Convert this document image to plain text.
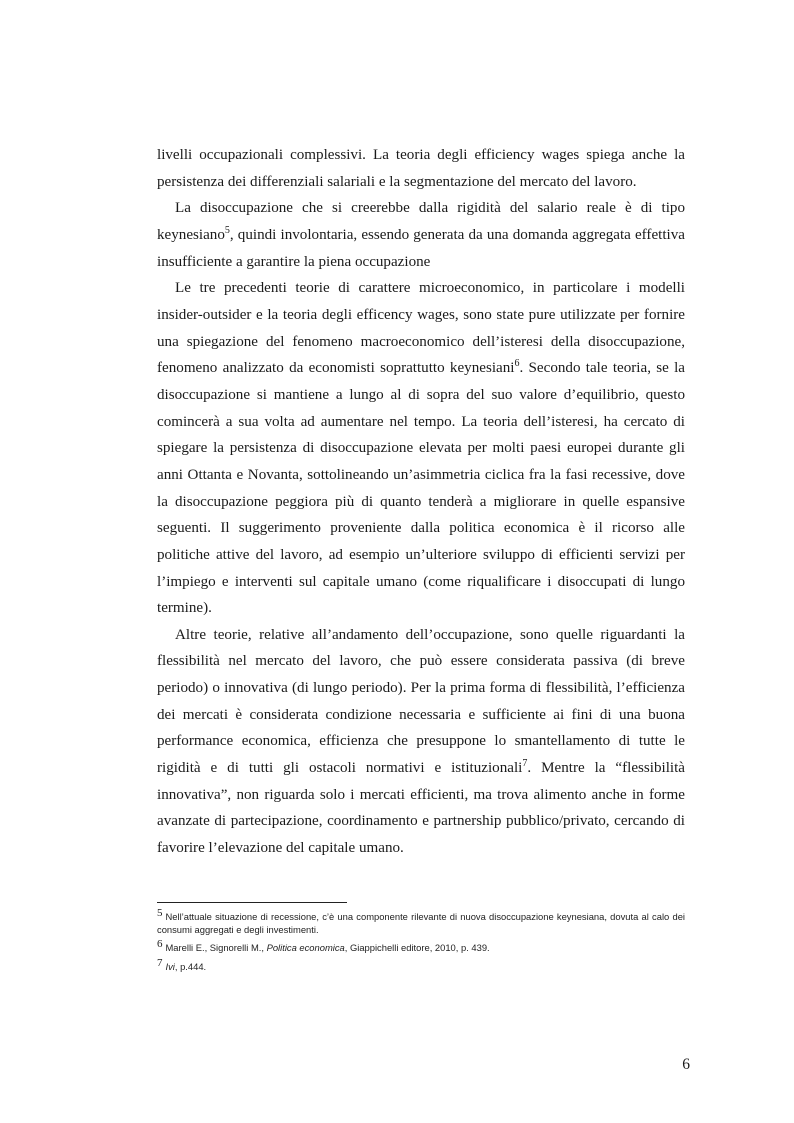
livelli occupazionali complessivi. La teoria degli efficiency wages spiega anche la persistenza dei differenziali salariali e la segmentazione del mercato del lavoro.

La disoccupazione che si creerebbe dalla rigidità del salario reale è di tipo keynesiano$^5$, quindi involontaria, essendo generata da una domanda aggregata effettiva insufficiente a garantire la piena occupazione

Le tre precedenti teorie di carattere microeconomico, in particolare i modelli insider-outsider e la teoria degli efficency wages, sono state pure utilizzate per fornire una spiegazione del fenomeno macroeconomico dell’isteresi della disoccupazione, fenomeno analizzato da economisti soprattutto keynesiani$^6$. Secondo tale teoria, se la disoccupazione si mantiene a lungo al di sopra del suo valore d’equilibrio, questo comincerà a sua volta ad aumentare nel tempo. La teoria dell’isteresi, ha cercato di spiegare la persistenza di disoccupazione elevata per molti paesi europei durante gli anni Ottanta e Novanta, sottolineando un’asimmetria ciclica fra la fasi recessive, dove la disoccupazione peggiora più di quanto tenderà a migliorare in quelle espansive seguenti. Il suggerimento proveniente dalla politica economica è il ricorso alle politiche attive del lavoro, ad esempio un’ulteriore sviluppo di efficienti servizi per l’impiego e interventi sul capitale umano (come riqualificare i disoccupati di lungo termine).

Altre teorie, relative all’andamento dell’occupazione, sono quelle riguardanti la flessibilità nel mercato del lavoro, che può essere considerata passiva (di breve periodo) o innovativa (di lungo periodo). Per la prima forma di flessibilità, l’efficienza dei mercati è considerata condizione necessaria e sufficiente ai fini di una buona performance economica, efficienza che presuppone lo smantellamento di tutte le rigidità e di tutti gli ostacoli normativi e istituzionali$^7$. Mentre la “flessibilità innovativa”, non riguarda solo i mercati efficienti, ma trova alimento anche in forme avanzate di partecipazione, coordinamento e partnership pubblico/privato, cercando di favorire l’elevazione del capitale umano.

5 Nell’attuale situazione di recessione, c’è una componente rilevante di nuova disoccupazione keynesiana, dovuta al calo dei consumi aggregati e degli investimenti.

6 Marelli E., Signorelli M., Politica economica, Giappichelli editore, 2010, p. 439.

7 Ivi, p.444.

6
